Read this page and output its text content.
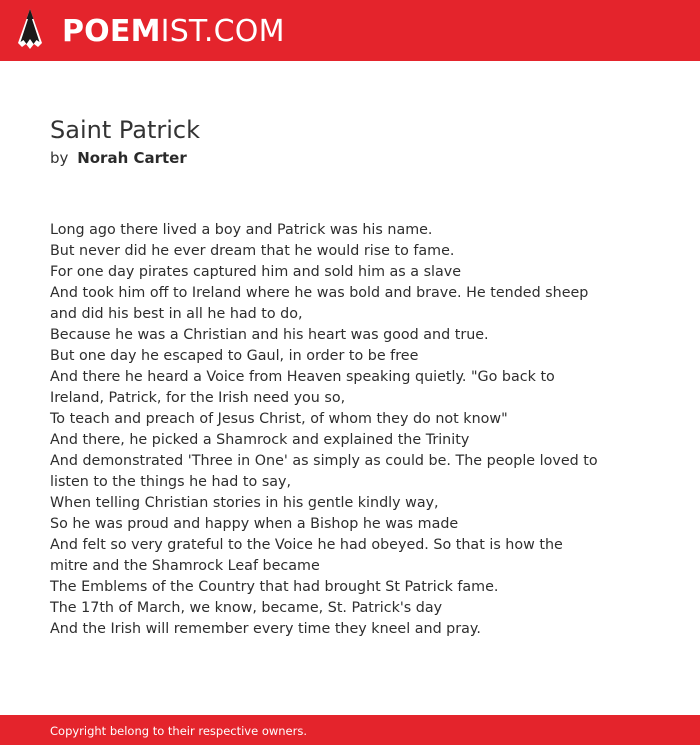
POEM IST.COM
Saint Patrick
by Norah Carter
Long ago there lived a boy and Patrick was his name.
But never did he ever dream that he would rise to fame.
For one day pirates captured him and sold him as a slave
And took him off to Ireland where he was bold and brave. He tended sheep
and did his best in all he had to do,
Because he was a Christian and his heart was good and true.
But one day he escaped to Gaul, in order to be free
And there he heard a Voice from Heaven speaking quietly. "Go back to
Ireland, Patrick, for the Irish need you so,
To teach and preach of Jesus Christ, of whom they do not know"
And there, he picked a Shamrock and explained the Trinity
And demonstrated 'Three in One' as simply as could be. The people loved to
listen to the things he had to say,
When telling Christian stories in his gentle kindly way,
So he was proud and happy when a Bishop he was made
And felt so very grateful to the Voice he had obeyed. So that is how the
mitre and the Shamrock Leaf became
The Emblems of the Country that had brought St Patrick fame.
The 17th of March, we know, became, St. Patrick's day
And the Irish will remember every time they kneel and pray.
Copyright belong to their respective owners.
